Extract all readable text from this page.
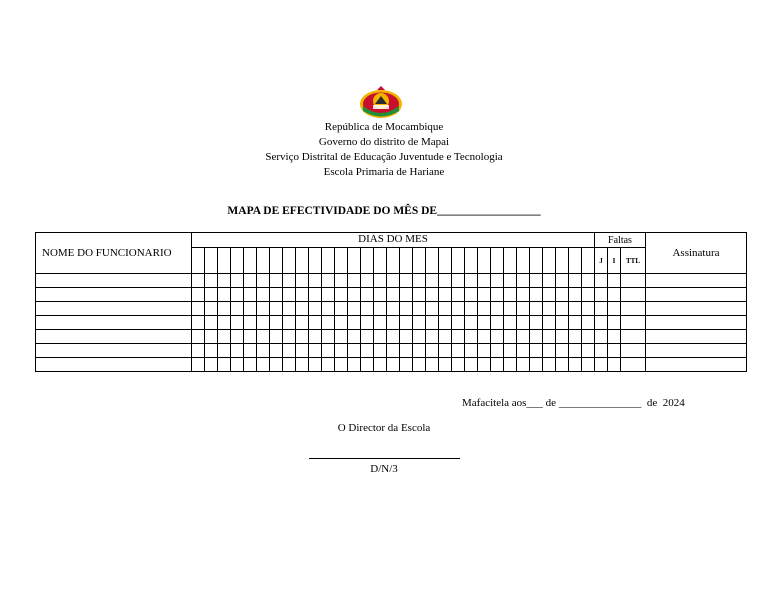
República de Mocambique
Governo do distrito de Mapai
Serviço Distrital de Educação Juventude e Tecnologia
Escola Primaria de Hariane
MAPA DE EFECTIVIDADE DO MÊS DE__________________
NOME DO FUNCIONARIO	DIAS DO MES																															Faltas			Assinatura
																																J	I	TTL	

Mafacitela aos___ de _______________  de  2024
O Director da Escola
D/N/3
